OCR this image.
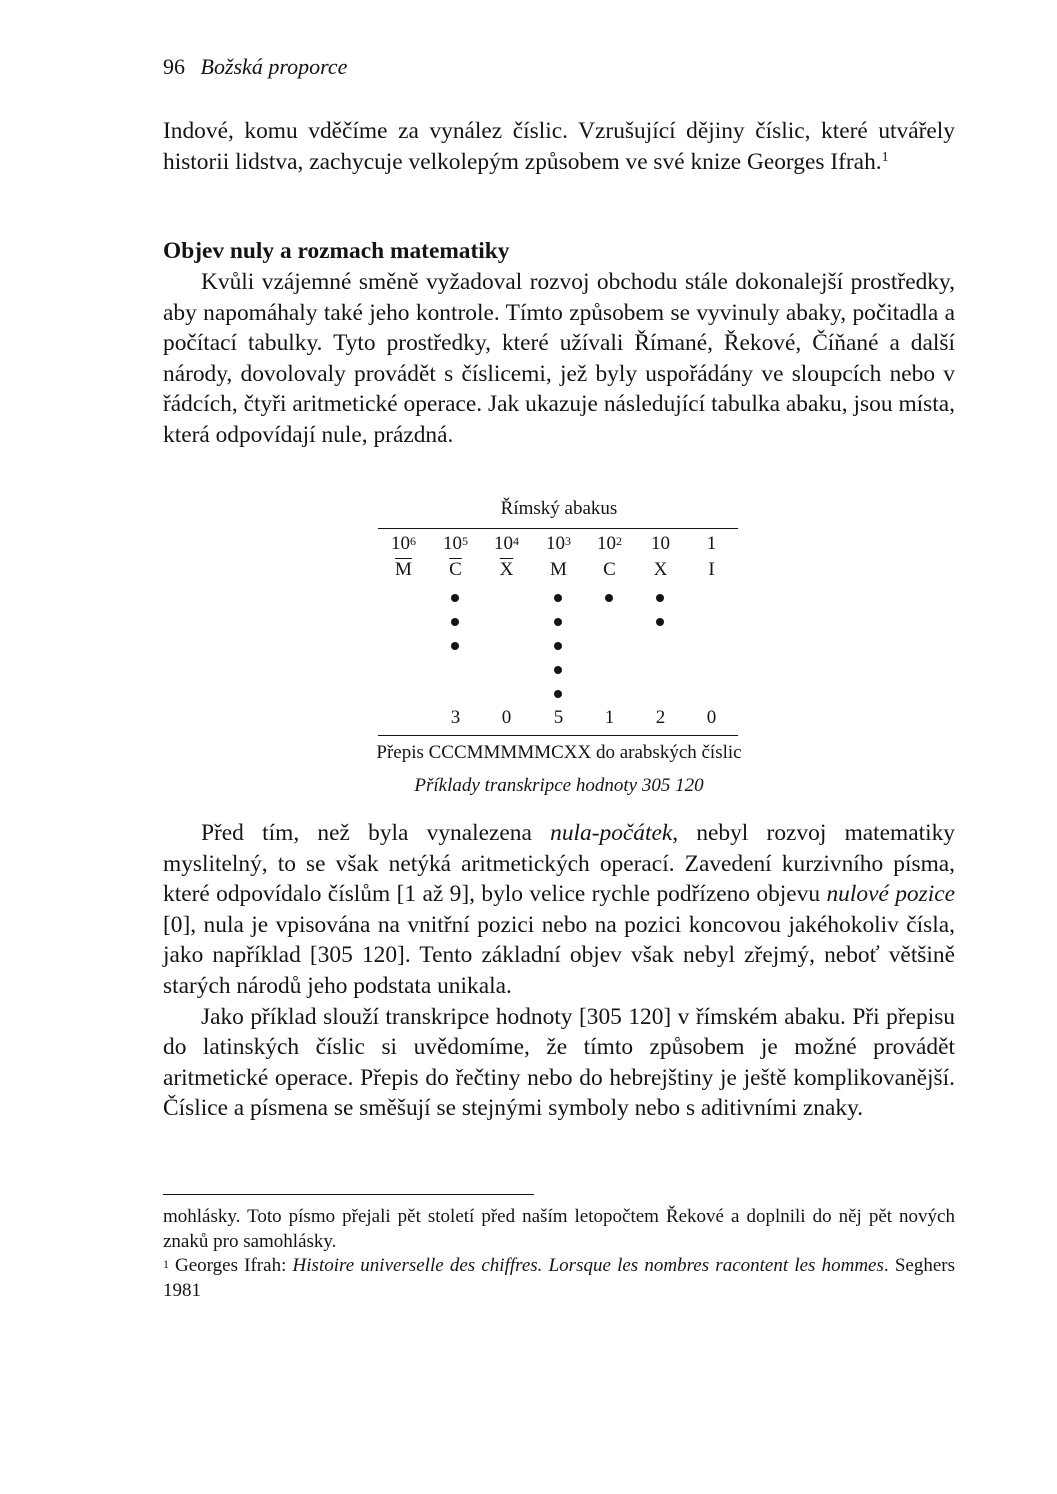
96 Božská proporce

Indové, komu vděčíme za vynález číslic. Vzrušující dějiny číslic, které utvářely historii lidstva, zachycuje velkolepým způsobem ve své knize Georges Ifrah.$^1$

Objev nuly a rozmach matematiky

Kvůli vzájemné směně vyžadoval rozvoj obchodu stále dokonalejší prostředky, aby napomáhaly také jeho kontrole. Tímto způsobem se vyvinuly abaky, počitadla a počítací tabulky. Tyto prostředky, které užívali Římané, Řekové, Číňané a další národy, dovolovaly provádět s číslicemi, jež byly uspořádány ve sloupcích nebo v řádcích, čtyři aritmetické operace. Jak ukazuje následující tabulka abaku, jsou místa, která odpovídají nule, prázdná.

Římský abakus
$10^6$
$\overline{M}$
$10^5$
$\overline{C}$
3
$10^4$
$\overline{X}$
0
$10^3$
M
5
$10^2$
C
1
10
X
2
1
I
0
Přepis CCCMMMMMCXX do arabských číslic
Příklady transkripce hodnoty 305 120

Před tím, než byla vynalezena nula-počátek, nebyl rozvoj matematiky myslitelný, to se však netýká aritmetických operací. Zavedení kurzivního písma, které odpovídalo číslům [1 až 9], bylo velice rychle podřízeno objevu nulové pozice [0], nula je vpisována na vnitřní pozici nebo na pozici koncovou jakéhokoliv čísla, jako například [305 120]. Tento základní objev však nebyl zřejmý, neboť většině starých národů jeho podstata unikala.

Jako příklad slouží transkripce hodnoty [305 120] v římském abaku. Při přepisu do latinských číslic si uvědomíme, že tímto způsobem je možné provádět aritmetické operace. Přepis do řečtiny nebo do hebrejštiny je ještě komplikovanější. Číslice a písmena se směšují se stejnými symboly nebo s aditivními znaky.

mohlásky. Toto písmo přejali pět století před naším letopočtem Řekové a doplnili do něj pět nových znaků pro samohlásky.
$^1$ Georges Ifrah: Histoire universelle des chiffres. Lorsque les nombres racontent les hommes. Seghers 1981
